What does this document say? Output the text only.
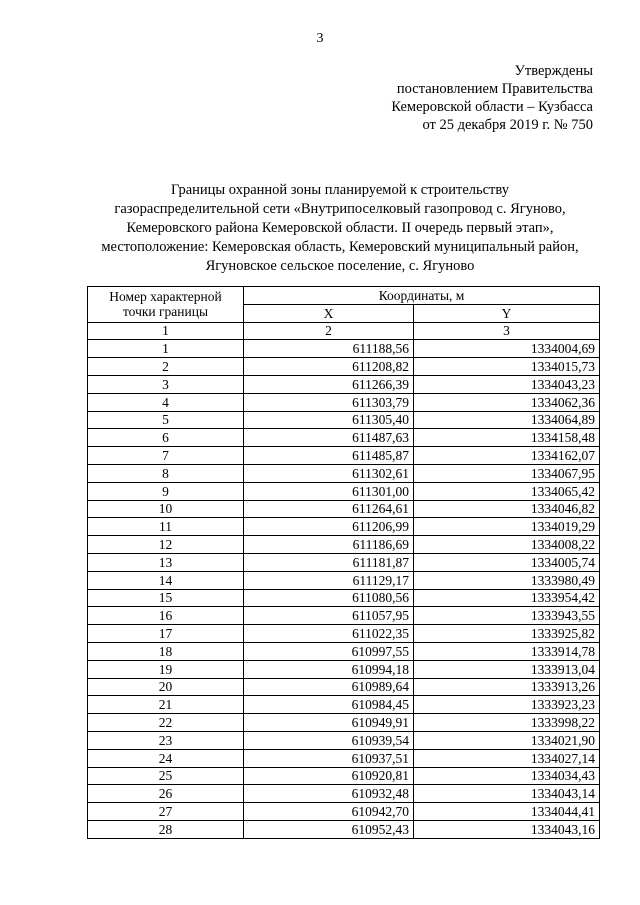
3
Утверждены
постановлением Правительства
Кемеровской области – Кузбасса
от 25 декабря 2019 г. № 750
Границы охранной зоны планируемой к строительству
газораспределительной сети «Внутрипоселковый газопровод с. Ягуново,
Кемеровского района Кемеровской области. II очередь первый этап»,
местоположение: Кемеровская область, Кемеровский муниципальный район,
Ягуновское сельское поселение, с. Ягуново
Номер характерной
точки границы	Координаты, м	
	X	Y
1	2	3
1	611188,56	1334004,69
2	611208,82	1334015,73
3	611266,39	1334043,23
4	611303,79	1334062,36
5	611305,40	1334064,89
6	611487,63	1334158,48
7	611485,87	1334162,07
8	611302,61	1334067,95
9	611301,00	1334065,42
10	611264,61	1334046,82
11	611206,99	1334019,29
12	611186,69	1334008,22
13	611181,87	1334005,74
14	611129,17	1333980,49
15	611080,56	1333954,42
16	611057,95	1333943,55
17	611022,35	1333925,82
18	610997,55	1333914,78
19	610994,18	1333913,04
20	610989,64	1333913,26
21	610984,45	1333923,23
22	610949,91	1333998,22
23	610939,54	1334021,90
24	610937,51	1334027,14
25	610920,81	1334034,43
26	610932,48	1334043,14
27	610942,70	1334044,41
28	610952,43	1334043,16
